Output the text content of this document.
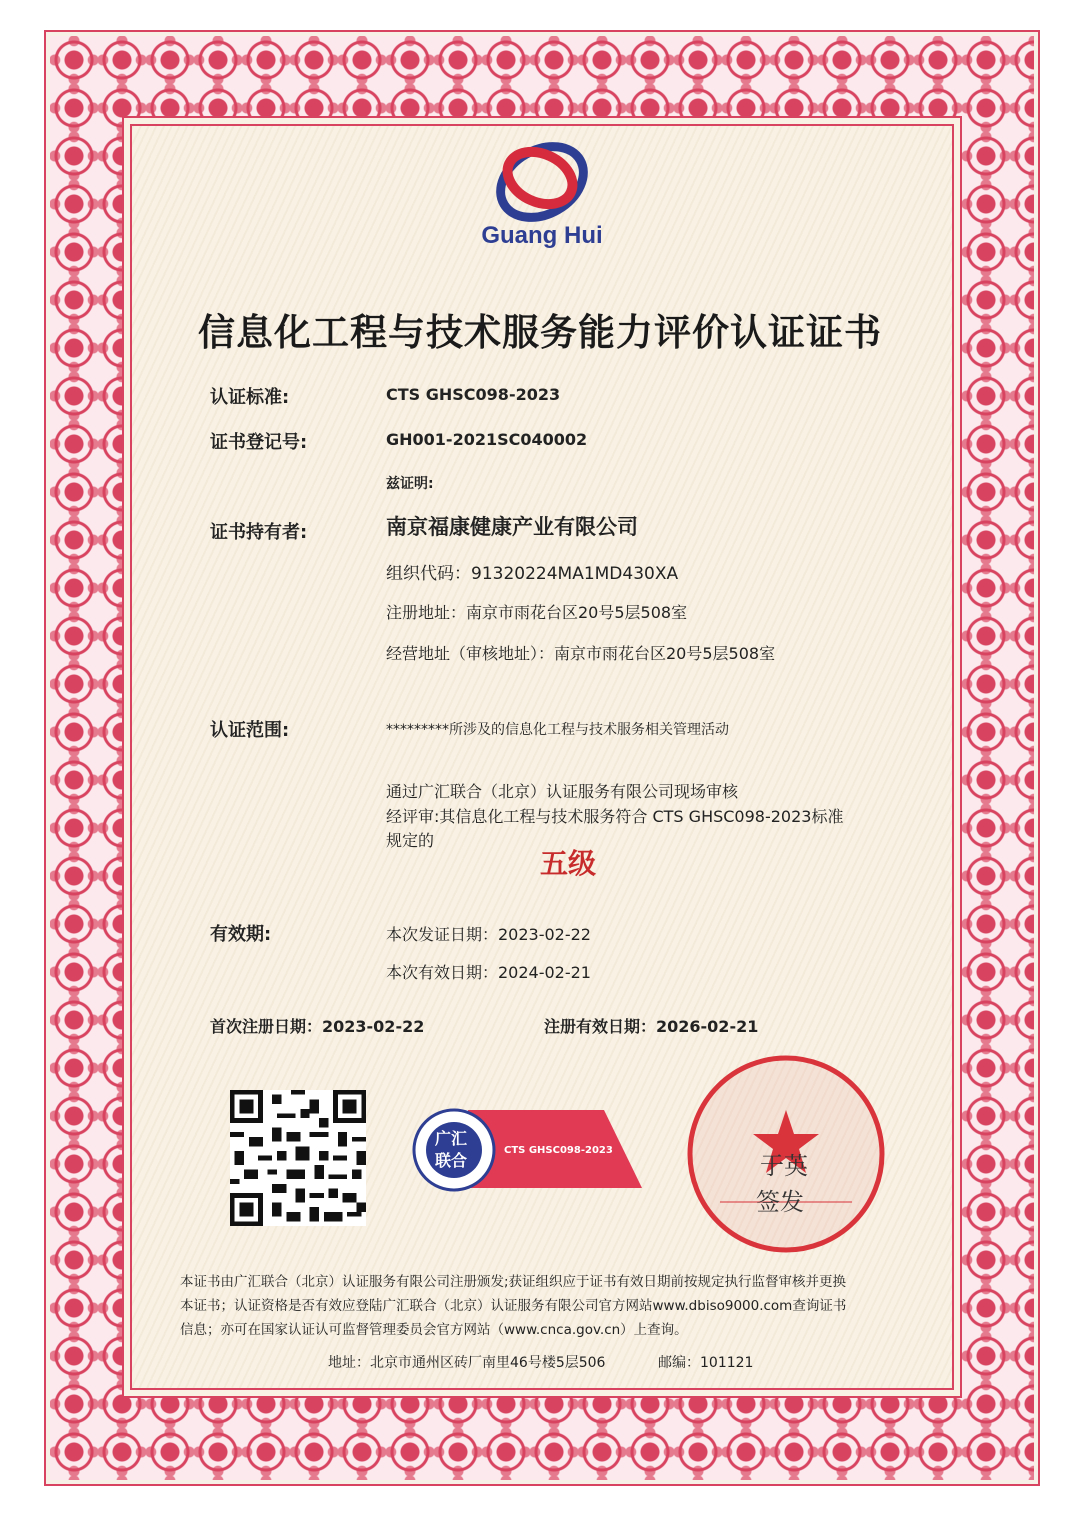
Guang Hui
信息化工程与技术服务能力评价认证证书
认证标准:	CTS GHSC098-2023
证书登记号:	GH001-2021SC040002
兹证明:
证书持有者:	南京福康健康产业有限公司
组织代码：91320224MA1MD430XA
注册地址：南京市雨花台区20号5层508室
经营地址（审核地址）：南京市雨花台区20号5层508室
认证范围:	*********所涉及的信息化工程与技术服务相关管理活动
通过广汇联合（北京）认证服务有限公司现场审核
经评审:其信息化工程与技术服务符合 CTS GHSC098-2023标准
规定的
五级
有效期:	本次发证日期：2023-02-22
本次有效日期：2024-02-21
首次注册日期：2023-02-22	注册有效日期：2026-02-21
广汇联合
CTS GHSC098-2023
于英
签发
本证书由广汇联合（北京）认证服务有限公司注册颁发;获证组织应于证书有效日期前按规定执行监督审核并更换
本证书；认证资格是否有效应登陆广汇联合（北京）认证服务有限公司官方网站www.dbiso9000.com查询证书
信息；亦可在国家认证认可监督管理委员会官方网站（www.cnca.gov.cn）上查询。
地址：北京市通州区砖厂南里46号楼5层506	邮编：101121
